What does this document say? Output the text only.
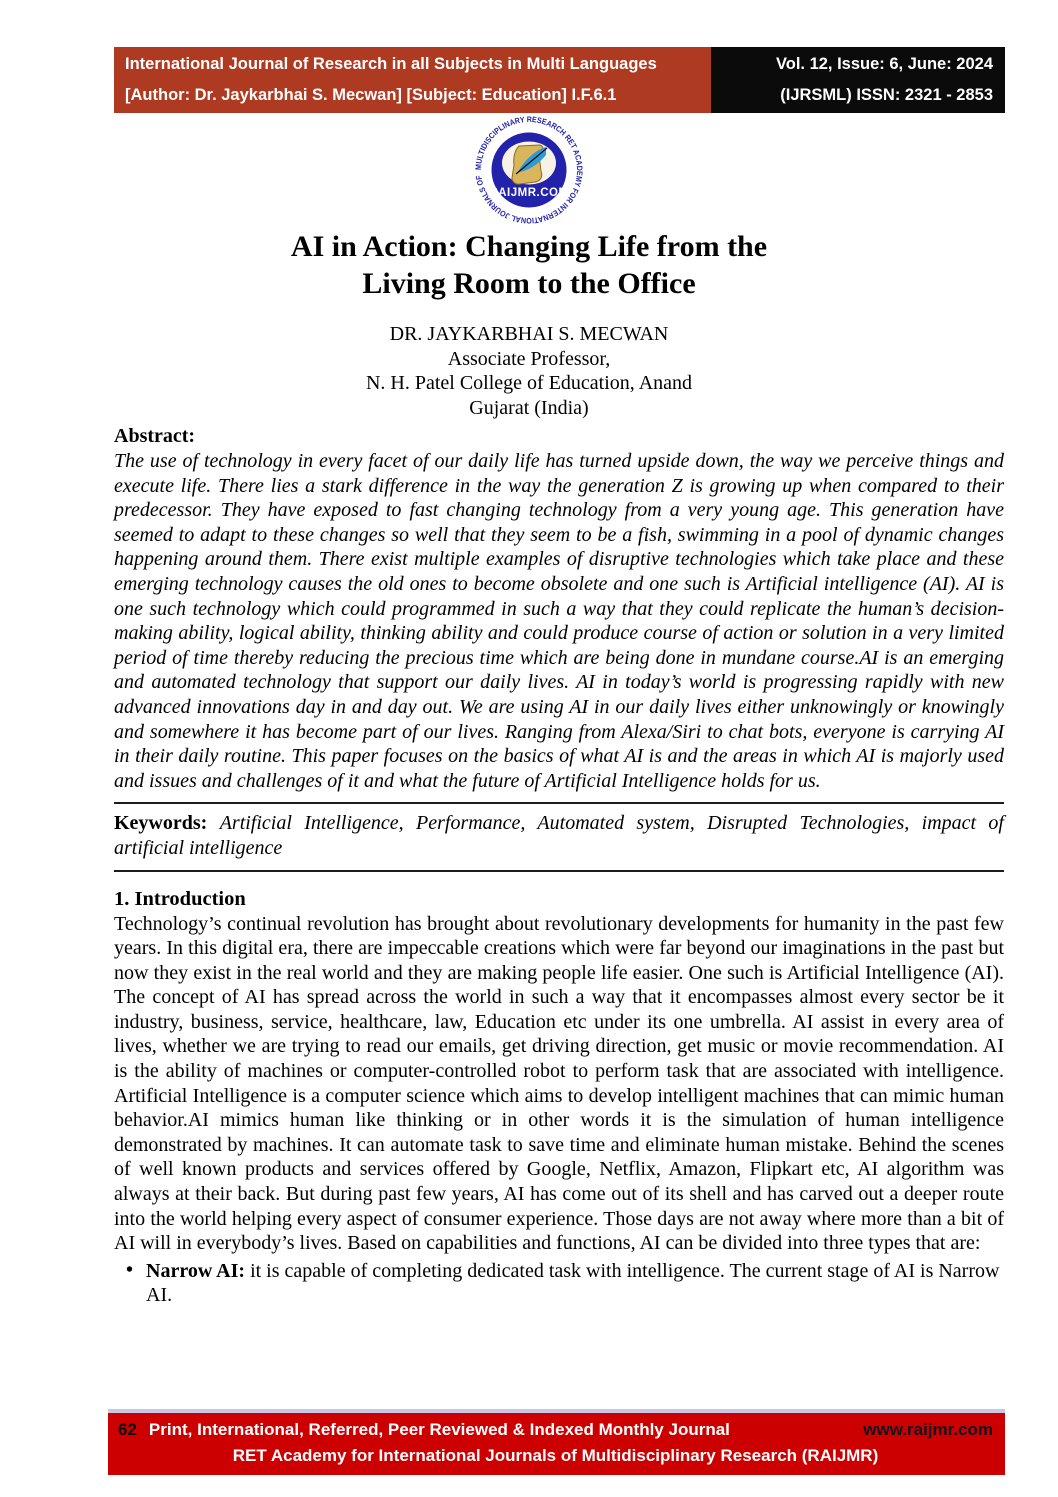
International Journal of Research in all Subjects in Multi Languages
[Author: Dr. Jaykarbhai S. Mecwan] [Subject: Education] I.F.6.1
Vol. 12, Issue: 6, June: 2024
(IJRSML) ISSN: 2321 - 2853
MULTIDISCIPLINARY RESEARCH RET ACADEMY FOR INTERNATIONAL JOURNALS OF
RAIJMR.COM
AI in Action: Changing Life from the
Living Room to the Office
DR. JAYKARBHAI S. MECWAN
Associate Professor,
N. H. Patel College of Education, Anand
Gujarat (India)
Abstract:

The use of technology in every facet of our daily life has turned upside down, the way we perceive things and execute life. There lies a stark difference in the way the generation Z is growing up when compared to their predecessor. They have exposed to fast changing technology from a very young age. This generation have seemed to adapt to these changes so well that they seem to be a fish, swimming in a pool of dynamic changes happening around them. There exist multiple examples of disruptive technologies which take place and these emerging technology causes the old ones to become obsolete and one such is Artificial intelligence (AI). AI is one such technology which could programmed in such a way that they could replicate the human’s decision-making ability, logical ability, thinking ability and could produce course of action or solution in a very limited period of time thereby reducing the precious time which are being done in mundane course.AI is an emerging and automated technology that support our daily lives. AI in today’s world is progressing rapidly with new advanced innovations day in and day out. We are using AI in our daily lives either unknowingly or knowingly and somewhere it has become part of our lives. Ranging from Alexa/Siri to chat bots, everyone is carrying AI in their daily routine. This paper focuses on the basics of what AI is and the areas in which AI is majorly used and issues and challenges of it and what the future of Artificial Intelligence holds for us.

Keywords: Artificial Intelligence, Performance, Automated system, Disrupted Technologies, impact of artificial intelligence

1. Introduction

Technology’s continual revolution has brought about revolutionary developments for humanity in the past few years. In this digital era, there are impeccable creations which were far beyond our imaginations in the past but now they exist in the real world and they are making people life easier. One such is Artificial Intelligence (AI). The concept of AI has spread across the world in such a way that it encompasses almost every sector be it industry, business, service, healthcare, law, Education etc under its one umbrella. AI assist in every area of lives, whether we are trying to read our emails, get driving direction, get music or movie recommendation. AI is the ability of machines or computer-controlled robot to perform task that are associated with intelligence. Artificial Intelligence is a computer science which aims to develop intelligent machines that can mimic human behavior.AI mimics human like thinking or in other words it is the simulation of human intelligence demonstrated by machines. It can automate task to save time and eliminate human mistake. Behind the scenes of well known products and services offered by Google, Netflix, Amazon, Flipkart etc, AI algorithm was always at their back. But during past few years, AI has come out of its shell and has carved out a deeper route into the world helping every aspect of consumer experience. Those days are not away where more than a bit of AI will in everybody’s lives. Based on capabilities and functions, AI can be divided into three types that are:

• Narrow AI: it is capable of completing dedicated task with intelligence. The current stage of AI is Narrow AI.
62 Print, International, Referred, Peer Reviewed & Indexed Monthly Journal	www.raijmr.com
RET Academy for International Journals of Multidisciplinary Research (RAIJMR)
